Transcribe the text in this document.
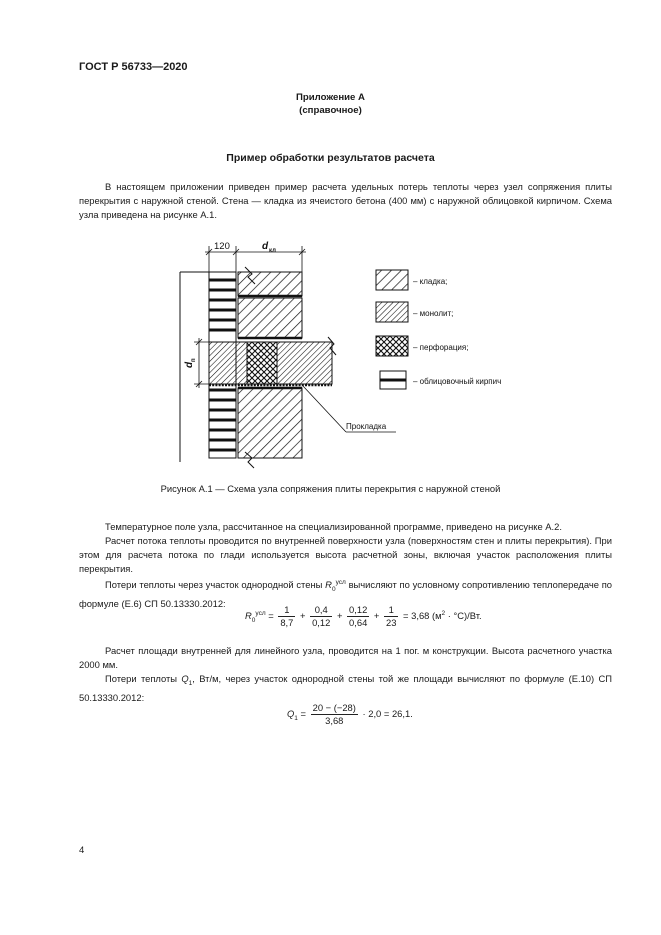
ГОСТ Р 56733—2020
Приложение А
(справочное)
Пример обработки результатов расчета
В настоящем приложении приведен пример расчета удельных потерь теплоты через узел сопряжения плиты перекрытия с наружной стеной. Стена — кладка из ячеистого бетона (400 мм) с наружной облицовкой кирпичом. Схема узла приведена на рисунке А.1.
120	d кл
d
п
Прокладка
– кладка;
– монолит;
– перфорация;
– облицовочный кирпич
Рисунок А.1 — Схема узла сопряжения плиты перекрытия с наружной стеной
Температурное поле узла, рассчитанное на специализированной программе, приведено на рисунке А.2.
Расчет потока теплоты проводится по внутренней поверхности узла (поверхностям стен и плиты перекрытия). При этом для расчета потока по глади используется высота расчетной зоны, включая участок расположения плиты перекрытия.
Потери теплоты через участок однородной стены $R_0^{усл}$ вычисляют по условному сопротивлению теплопередаче по формуле (Е.6) СП 50.13330.2012:
$R_0^{усл} = \frac{1}{8,7} + \frac{0,4}{0,12} + \frac{0,12}{0,64} + \frac{1}{23} = 3,68$ $(м^2 \cdot ^\circ С)/Вт$.
Расчет площади внутренней для линейного узла, проводится на 1 пог. м конструкции. Высота расчетного участка 2000 мм.
Потери теплоты $Q_1$, Вт/м, через участок однородной стены той же площади вычисляют по формуле (Е.10) СП 50.13330.2012:
$Q_1 = \frac{20 - (-28)}{3,68} \cdot 2,0 = 26,1$.
4
